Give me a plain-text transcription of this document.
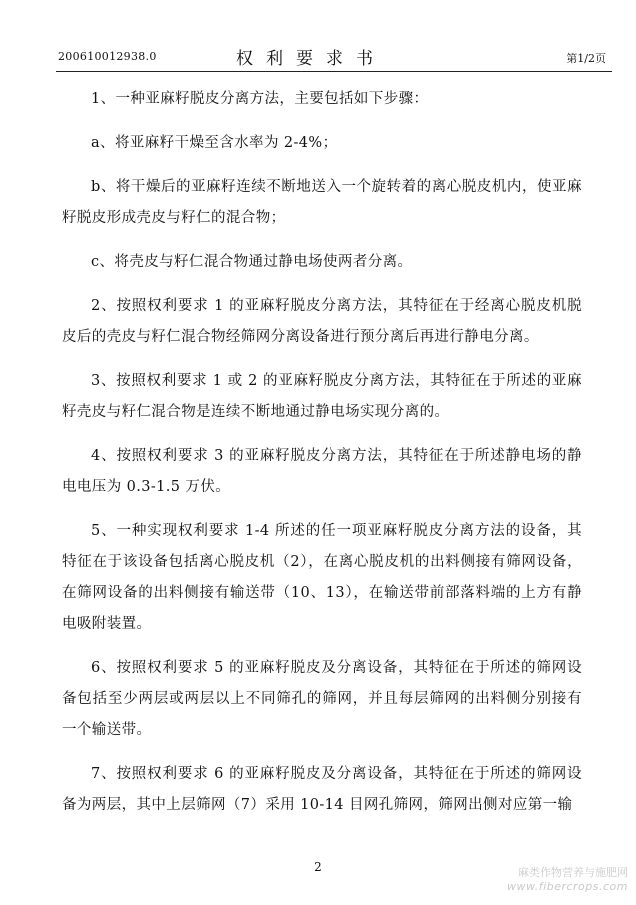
200610012938.0	权利要求书	第1/2页

1、一种亚麻籽脱皮分离方法，主要包括如下步骤：

a、将亚麻籽干燥至含水率为 2-4%；

b、将干燥后的亚麻籽连续不断地送入一个旋转着的离心脱皮机内，使亚麻籽脱皮形成壳皮与籽仁的混合物；

c、将壳皮与籽仁混合物通过静电场使两者分离。

2、按照权利要求 1 的亚麻籽脱皮分离方法，其特征在于经离心脱皮机脱皮后的壳皮与籽仁混合物经筛网分离设备进行预分离后再进行静电分离。

3、按照权利要求 1 或 2 的亚麻籽脱皮分离方法，其特征在于所述的亚麻籽壳皮与籽仁混合物是连续不断地通过静电场实现分离的。

4、按照权利要求 3 的亚麻籽脱皮分离方法，其特征在于所述静电场的静电电压为 0.3-1.5 万伏。

5、一种实现权利要求 1-4 所述的任一项亚麻籽脱皮分离方法的设备，其特征在于该设备包括离心脱皮机（2），在离心脱皮机的出料侧接有筛网设备，在筛网设备的出料侧接有输送带（10、13），在输送带前部落料端的上方有静电吸附装置。

6、按照权利要求 5 的亚麻籽脱皮及分离设备，其特征在于所述的筛网设备包括至少两层或两层以上不同筛孔的筛网，并且每层筛网的出料侧分别接有一个输送带。

7、按照权利要求 6 的亚麻籽脱皮及分离设备，其特征在于所述的筛网设备为两层，其中上层筛网（7）采用 10-14 目网孔筛网，筛网出侧对应第一输

2	麻类作物营养与施肥网
www.fibercrops.com
